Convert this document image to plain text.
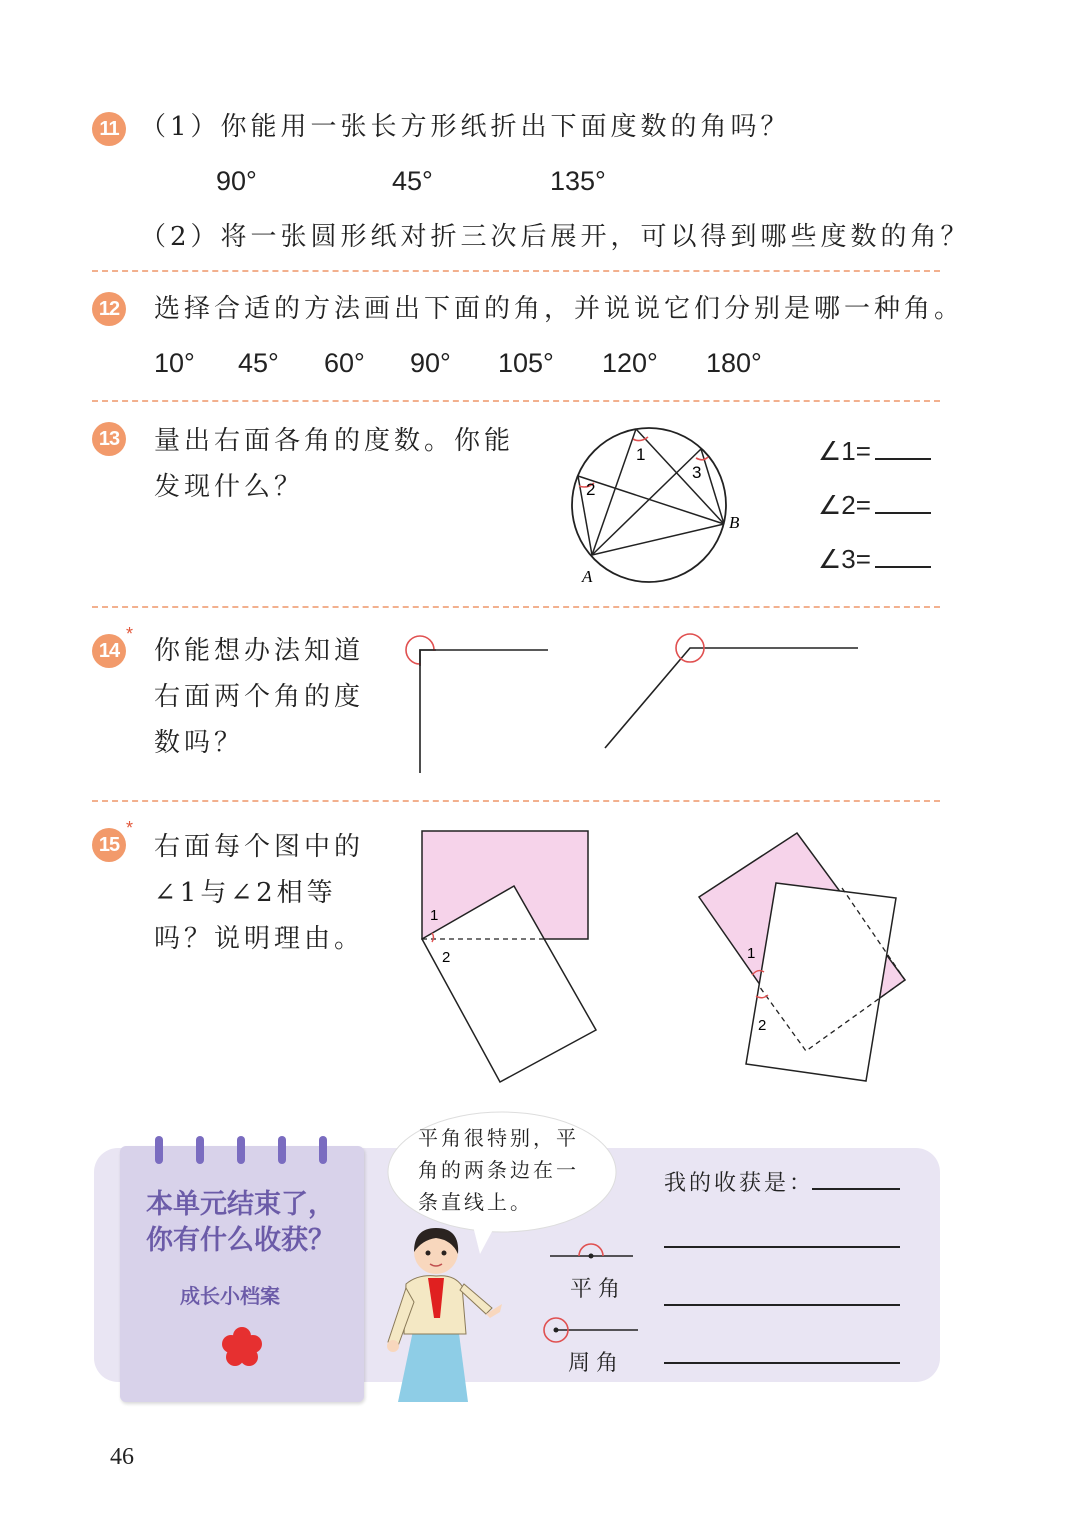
11 （1）你能用一张长方形纸折出下面度数的角吗？
90°	45°	135°
（2）将一张圆形纸对折三次后展开，可以得到哪些度数的角？
12 选择合适的方法画出下面的角，并说说它们分别是哪一种角。
10° 45° 60° 90° 105° 120° 180°
13 量出右面各角的度数。你能
发现什么？
1
2
3
A
B
∠1=
∠2=
∠3=
14
*
你能想办法知道
右面两个角的度
数吗？
15
*
右面每个图中的
∠1与∠2相等
吗？说明理由。
1
2	1
2
本单元结束了，
你有什么收获？
成长小档案
平角很特别，平
角的两条边在一
条直线上。
平角
周角
我的收获是：
46
